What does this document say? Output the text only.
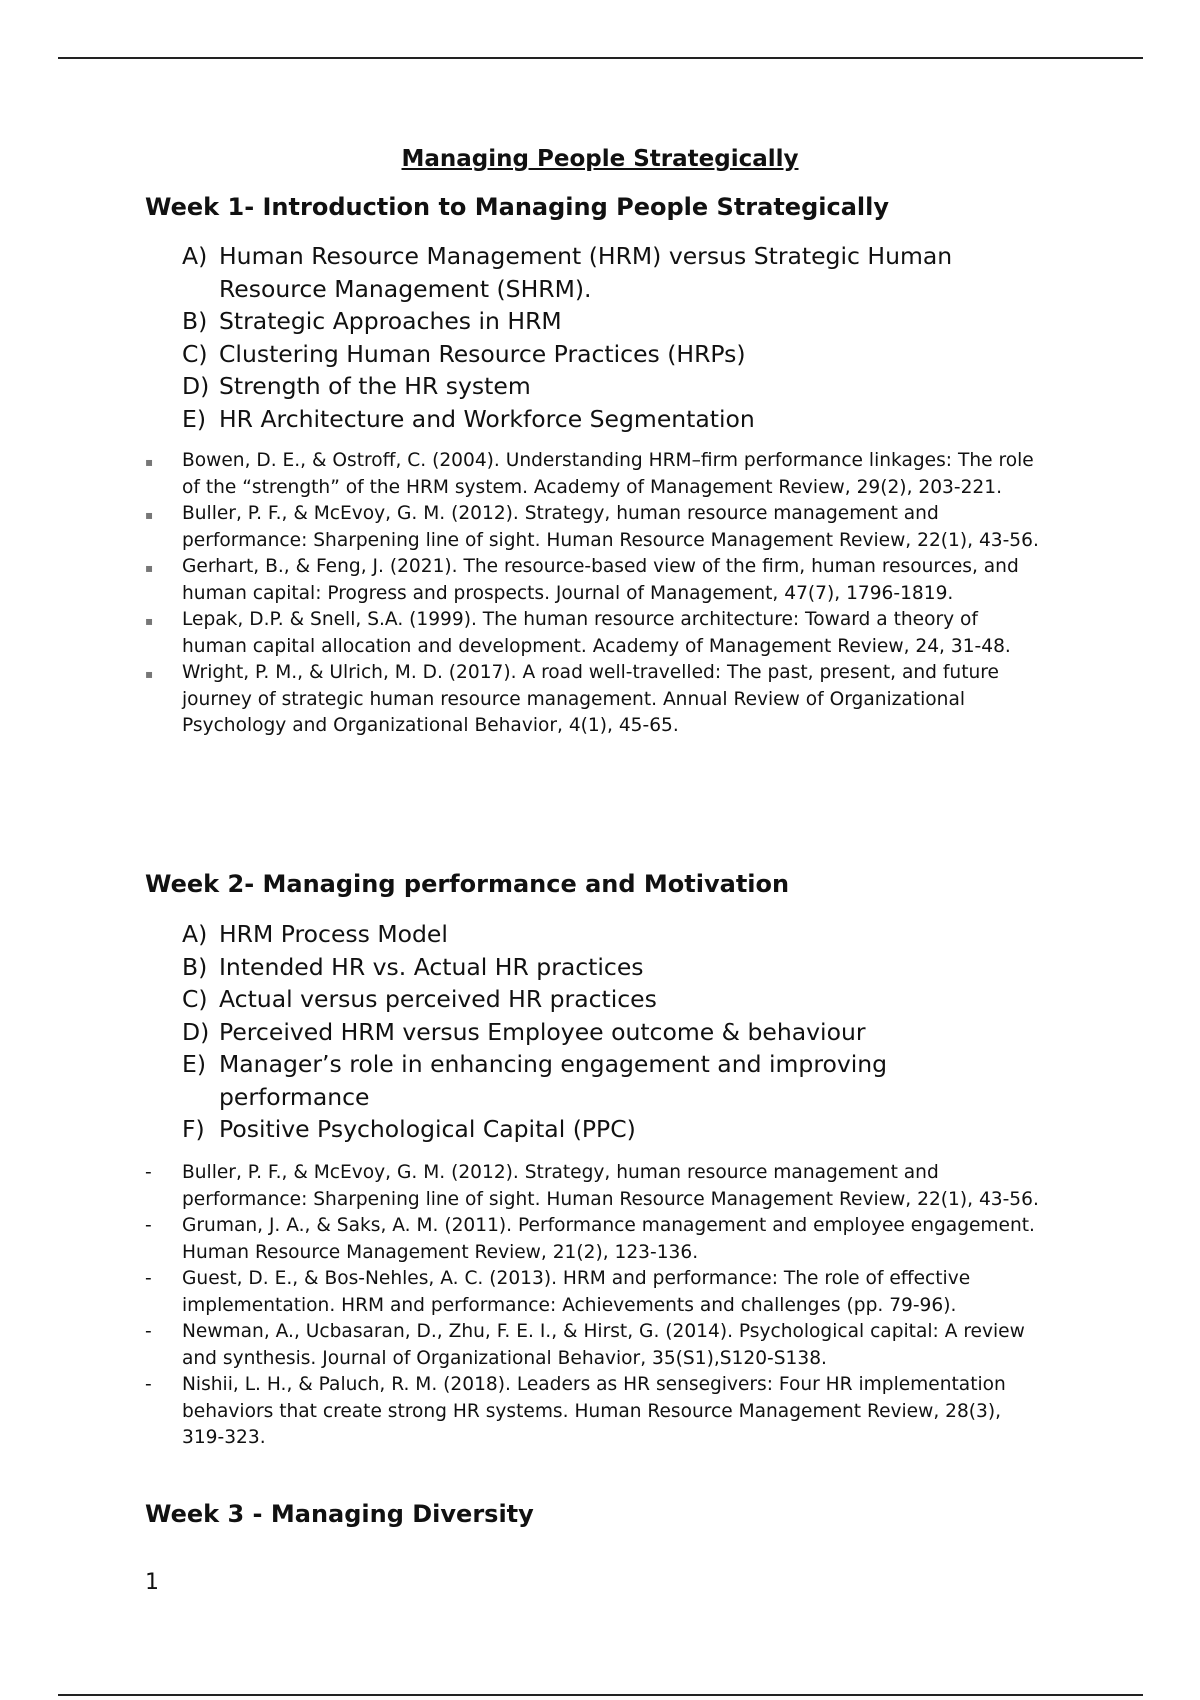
Managing People Strategically
Week 1- Introduction to Managing People Strategically
A) Human Resource Management (HRM) versus Strategic Human Resource Management (SHRM).
B) Strategic Approaches in HRM
C) Clustering Human Resource Practices (HRPs)
D) Strength of the HR system
E) HR Architecture and Workforce Segmentation
▪ Bowen, D. E., & Ostroff, C. (2004). Understanding HRM–firm performance linkages: The role of the “strength” of the HRM system. Academy of Management Review, 29(2), 203-221.
▪ Buller, P. F., & McEvoy, G. M. (2012). Strategy, human resource management and performance: Sharpening line of sight. Human Resource Management Review, 22(1), 43-56.
▪ Gerhart, B., & Feng, J. (2021). The resource-based view of the firm, human resources, and human capital: Progress and prospects. Journal of Management, 47(7), 1796-1819.
▪ Lepak, D.P. & Snell, S.A. (1999). The human resource architecture: Toward a theory of human capital allocation and development. Academy of Management Review, 24, 31-48.
▪ Wright, P. M., & Ulrich, M. D. (2017). A road well-travelled: The past, present, and future journey of strategic human resource management. Annual Review of Organizational Psychology and Organizational Behavior, 4(1), 45-65.
Week 2- Managing performance and Motivation
A) HRM Process Model
B) Intended HR vs. Actual HR practices
C) Actual versus perceived HR practices
D) Perceived HRM versus Employee outcome & behaviour
E) Manager’s role in enhancing engagement and improving performance
F) Positive Psychological Capital (PPC)
- Buller, P. F., & McEvoy, G. M. (2012). Strategy, human resource management and performance: Sharpening line of sight. Human Resource Management Review, 22(1), 43-56.
- Gruman, J. A., & Saks, A. M. (2011). Performance management and employee engagement. Human Resource Management Review, 21(2), 123-136.
- Guest, D. E., & Bos-Nehles, A. C. (2013). HRM and performance: The role of effective implementation. HRM and performance: Achievements and challenges (pp. 79-96).
- Newman, A., Ucbasaran, D., Zhu, F. E. I., & Hirst, G. (2014). Psychological capital: A review and synthesis. Journal of Organizational Behavior, 35(S1),S120-S138.
- Nishii, L. H., & Paluch, R. M. (2018). Leaders as HR sensegivers: Four HR implementation behaviors that create strong HR systems. Human Resource Management Review, 28(3), 319-323.
Week 3 - Managing Diversity
1
